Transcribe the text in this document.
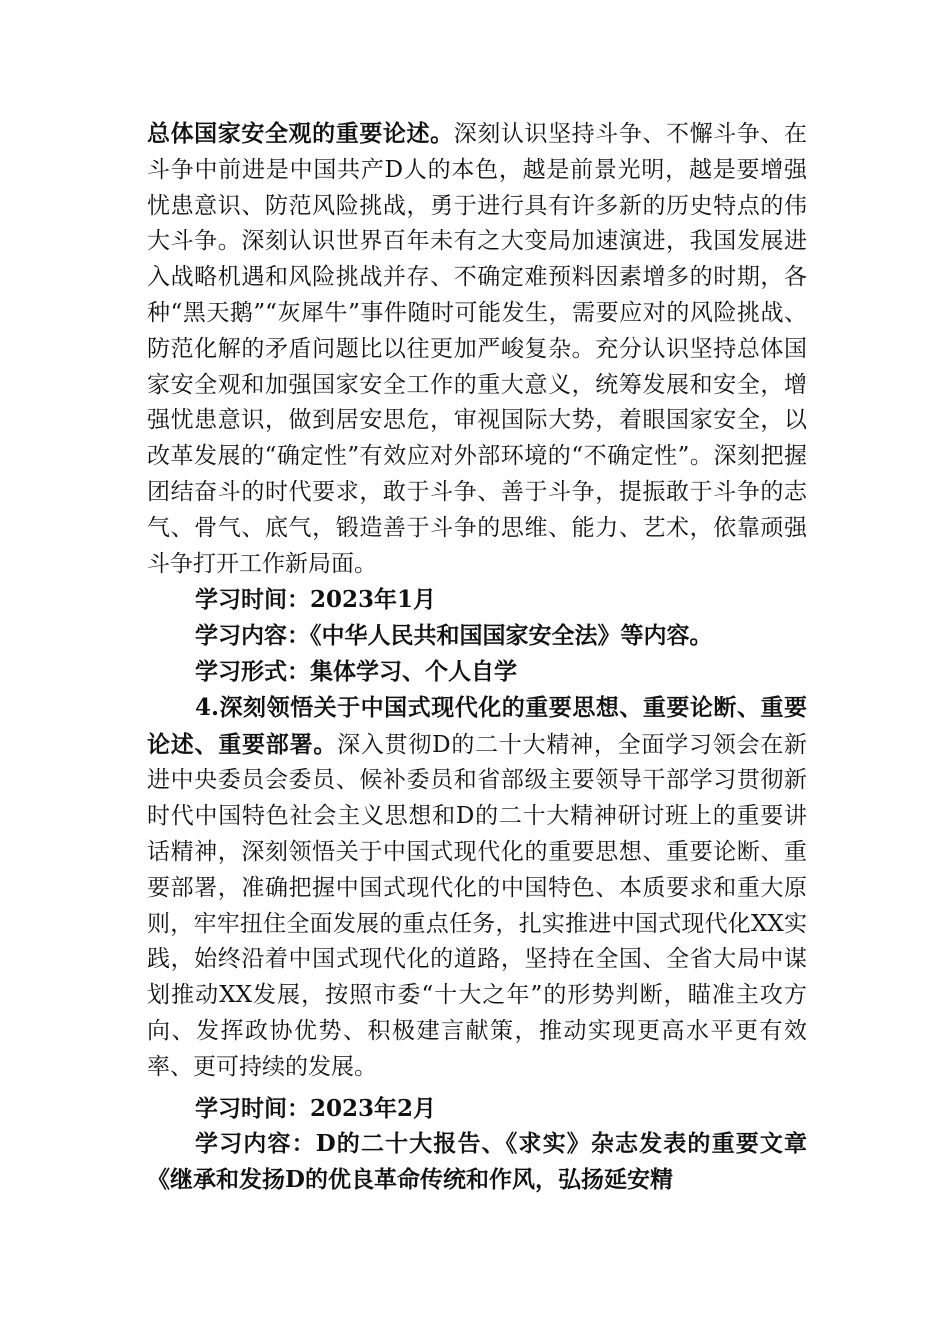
总体国家安全观的重要论述。深刻认识坚持斗争、不懈斗争、在斗争中前进是中国共产D人的本色，越是前景光明，越是要增强忧患意识、防范风险挑战，勇于进行具有许多新的历史特点的伟大斗争。深刻认识世界百年未有之大变局加速演进，我国发展进入战略机遇和风险挑战并存、不确定难预料因素增多的时期，各种“黑天鹅”“灰犀牛”事件随时可能发生，需要应对的风险挑战、防范化解的矛盾问题比以往更加严峻复杂。充分认识坚持总体国家安全观和加强国家安全工作的重大意义，统筹发展和安全，增强忧患意识，做到居安思危，审视国际大势，着眼国家安全，以改革发展的“确定性”有效应对外部环境的“不确定性”。深刻把握团结奋斗的时代要求，敢于斗争、善于斗争，提振敢于斗争的志气、骨气、底气，锻造善于斗争的思维、能力、艺术，依靠顽强斗争打开工作新局面。

学习时间：2023年1月

学习内容：《中华人民共和国国家安全法》等内容。

学习形式：集体学习、个人自学

4.深刻领悟关于中国式现代化的重要思想、重要论断、重要论述、重要部署。深入贯彻D的二十大精神，全面学习领会在新进中央委员会委员、候补委员和省部级主要领导干部学习贯彻新时代中国特色社会主义思想和D的二十大精神研讨班上的重要讲话精神，深刻领悟关于中国式现代化的重要思想、重要论断、重要部署，准确把握中国式现代化的中国特色、本质要求和重大原则，牢牢扭住全面发展的重点任务，扎实推进中国式现代化XX实践，始终沿着中国式现代化的道路，坚持在全国、全省大局中谋划推动XX发展，按照市委“十大之年”的形势判断，瞄准主攻方向、发挥政协优势、积极建言献策，推动实现更高水平更有效率、更可持续的发展。

学习时间：2023年2月

学习内容：D的二十大报告、《求实》杂志发表的重要文章《继承和发扬D的优良革命传统和作风，弘扬延安精
